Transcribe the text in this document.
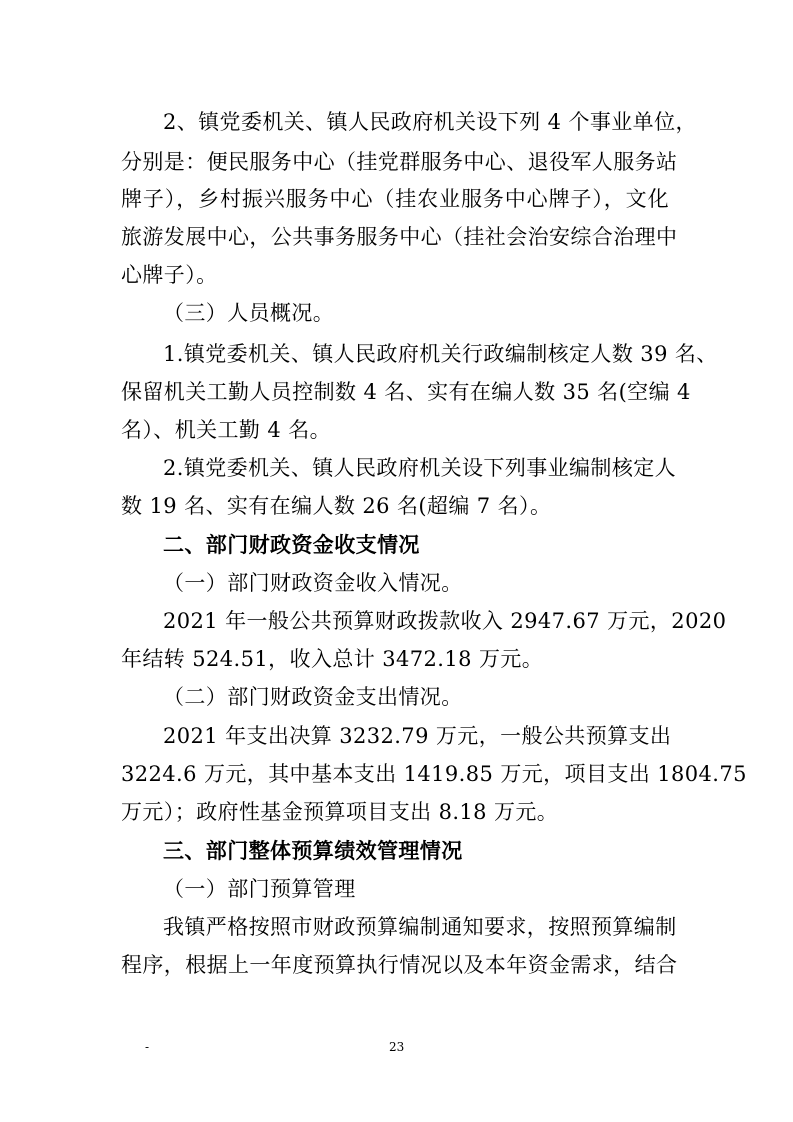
2、镇党委机关、镇人民政府机关设下列 4 个事业单位，

分别是：便民服务中心（挂党群服务中心、退役军人服务站

牌子），乡村振兴服务中心（挂农业服务中心牌子），文化

旅游发展中心，公共事务服务中心（挂社会治安综合治理中

心牌子）。

（三）人员概况。

1.镇党委机关、镇人民政府机关行政编制核定人数 39 名、

保留机关工勤人员控制数 4 名、实有在编人数 35 名(空编 4

名）、机关工勤 4 名。

2.镇党委机关、镇人民政府机关设下列事业编制核定人

数 19 名、实有在编人数 26 名(超编 7 名）。

二、部门财政资金收支情况

（一）部门财政资金收入情况。

2021 年一般公共预算财政拨款收入 2947.67 万元，2020

年结转 524.51，收入总计 3472.18 万元。

（二）部门财政资金支出情况。

2021 年支出决算 3232.79 万元，一般公共预算支出

3224.6 万元，其中基本支出 1419.85 万元，项目支出 1804.75

万元）；政府性基金预算项目支出 8.18 万元。

三、部门整体预算绩效管理情况

（一）部门预算管理

我镇严格按照市财政预算编制通知要求，按照预算编制

程序，根据上一年度预算执行情况以及本年资金需求，结合

-	23
